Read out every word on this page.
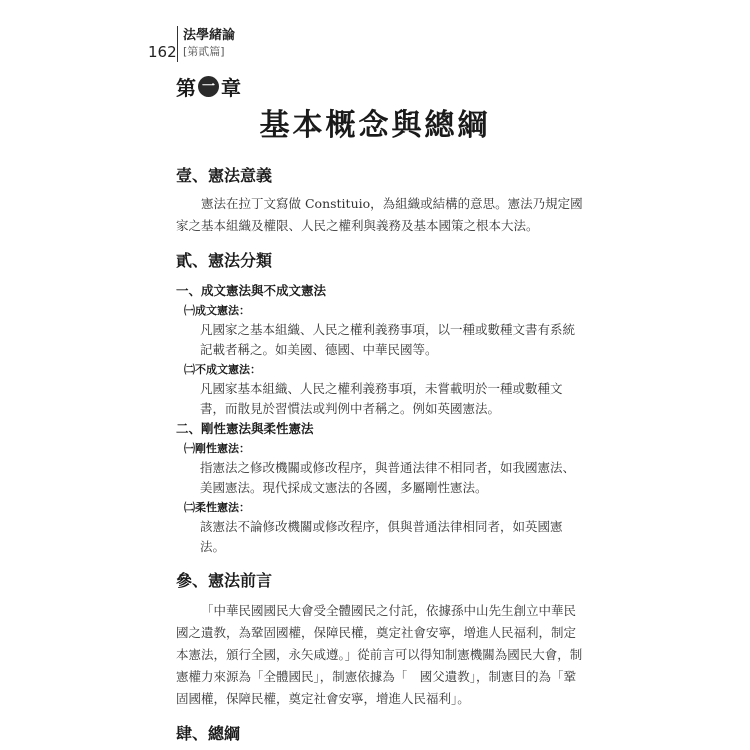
162
法學緒論
[第貳篇]
第 一 章
基本概念與總綱
壹、憲法意義
憲法在拉丁文寫做 Constituio，為組織或結構的意思。憲法乃規定國家之基本組織及權限、人民之權利與義務及基本國策之根本大法。
貳、憲法分類
一、成文憲法與不成文憲法
㈠成文憲法：
凡國家之基本組織、人民之權利義務事項，以一種或數種文書有系統記載者稱之。如美國、德國、中華民國等。
㈡不成文憲法：
凡國家基本組織、人民之權利義務事項，未嘗載明於一種或數種文書，而散見於習慣法或判例中者稱之。例如英國憲法。
二、剛性憲法與柔性憲法
㈠剛性憲法：
指憲法之修改機關或修改程序，與普通法律不相同者，如我國憲法、美國憲法。現代採成文憲法的各國，多屬剛性憲法。
㈡柔性憲法：
該憲法不論修改機關或修改程序，俱與普通法律相同者，如英國憲法。
參、憲法前言
「中華民國國民大會受全體國民之付託，依據孫中山先生創立中華民國之遺教，為鞏固國權，保障民權，奠定社會安寧，增進人民福利，制定本憲法，頒行全國，永矢咸遵。」從前言可以得知制憲機關為國民大會，制憲權力來源為「全體國民」，制憲依據為「　國父遺教」，制憲目的為「鞏固國權，保障民權，奠定社會安寧，增進人民福利」。
肆、總綱
